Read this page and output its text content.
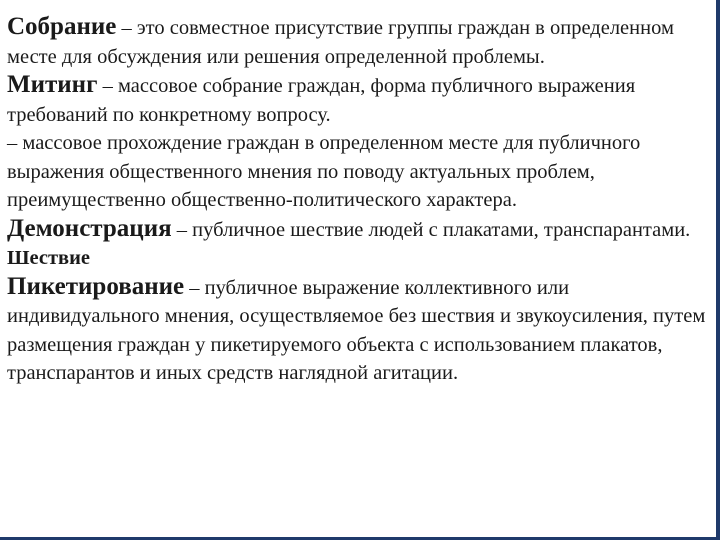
Собрание – это совместное присутствие группы граждан в определенном месте для обсуждения или решения определенной проблемы.

Митинг – массовое собрание граждан, форма публичного выражения требований по конкретному вопросу.

– массовое прохождение граждан в определенном месте для публичного выражения общественного мнения по поводу актуальных проблем, преимущественно общественно-политического характера.

Демонстрация – публичное шествие людей с плакатами, транспарантами.

Шествие

Пикетирование – публичное выражение коллективного или индивидуального мнения, осуществляемое без шествия и звукоусиления, путем размещения граждан у пикетируемого объекта с использованием плакатов, транспарантов и иных средств наглядной агитации.
